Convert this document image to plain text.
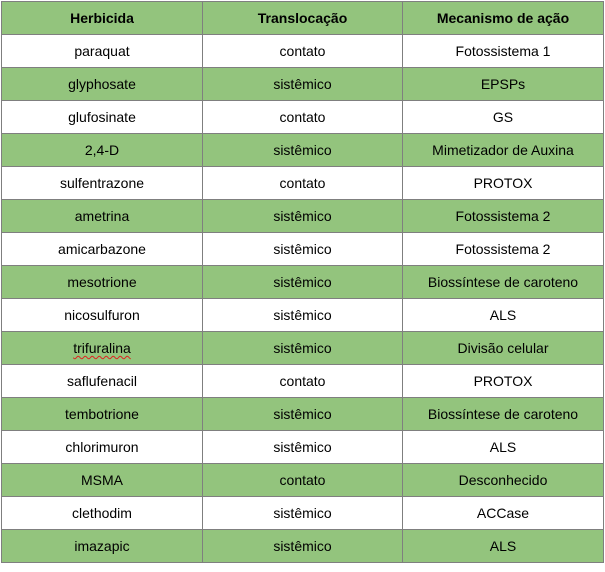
Herbicida	Translocação	Mecanismo de ação
paraquat	contato	Fotossistema 1
glyphosate	sistêmico	EPSPs
glufosinate	contato	GS
2,4-D	sistêmico	Mimetizador de Auxina
sulfentrazone	contato	PROTOX
ametrina	sistêmico	Fotossistema 2
amicarbazone	sistêmico	Fotossistema 2
mesotrione	sistêmico	Biossíntese de caroteno
nicosulfuron	sistêmico	ALS
trifuralina	sistêmico	Divisão celular
saflufenacil	contato	PROTOX
tembotrione	sistêmico	Biossíntese de caroteno
chlorimuron	sistêmico	ALS
MSMA	contato	Desconhecido
clethodim	sistêmico	ACCase
imazapic	sistêmico	ALS
